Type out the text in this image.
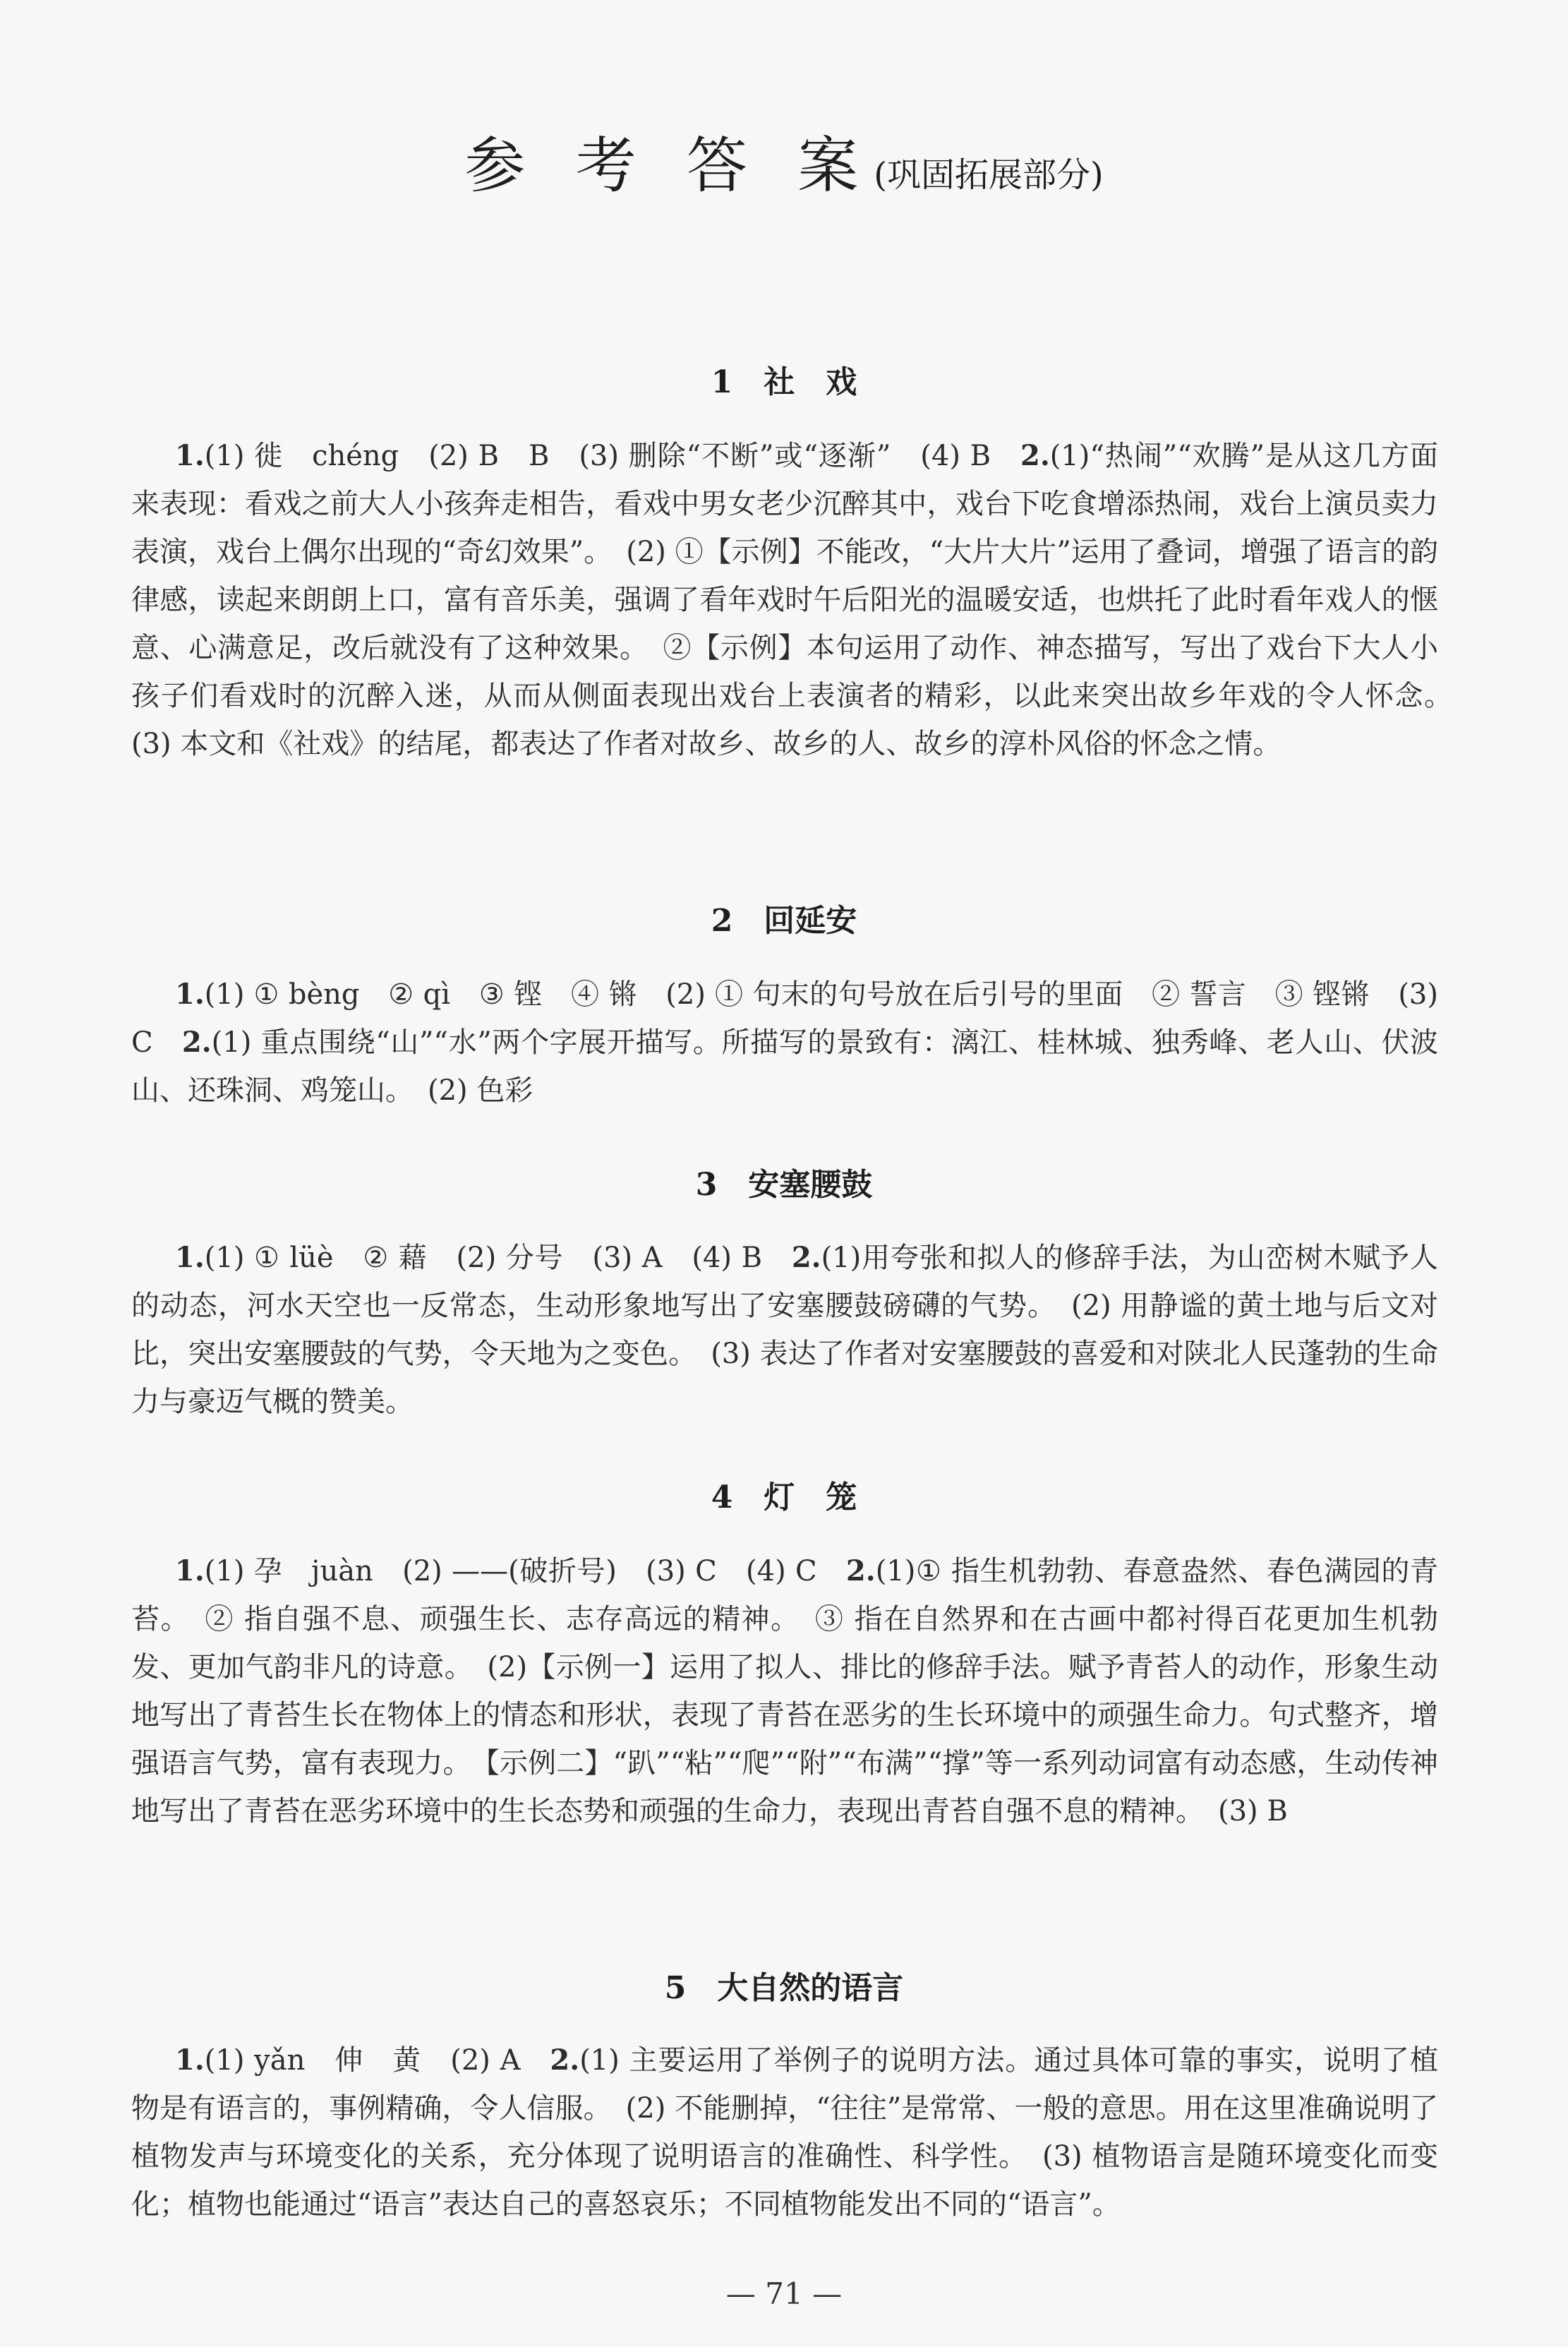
参 考 答 案(巩固拓展部分)
1　社　戏
1.(1) 徙　chéng　(2) B　B　(3) 删除“不断”或“逐渐”　(4) B　2.(1)“热闹”“欢腾”是从这几方面来表现：看戏之前大人小孩奔走相告，看戏中男女老少沉醉其中，戏台下吃食增添热闹，戏台上演员卖力表演，戏台上偶尔出现的“奇幻效果”。　(2) ①【示例】不能改，“大片大片”运用了叠词，增强了语言的韵律感，读起来朗朗上口，富有音乐美，强调了看年戏时午后阳光的温暖安适，也烘托了此时看年戏人的惬意、心满意足，改后就没有了这种效果。　②【示例】本句运用了动作、神态描写，写出了戏台下大人小孩子们看戏时的沉醉入迷，从而从侧面表现出戏台上表演者的精彩，以此来突出故乡年戏的令人怀念。　(3) 本文和《社戏》的结尾，都表达了作者对故乡、故乡的人、故乡的淳朴风俗的怀念之情。
2　回延安
1.(1) ① bèng　② qì　③ 铿　④ 锵　(2) ① 句末的句号放在后引号的里面　② 誓言　③ 铿锵　(3) C　2.(1) 重点围绕“山”“水”两个字展开描写。所描写的景致有：漓江、桂林城、独秀峰、老人山、伏波山、还珠洞、鸡笼山。　(2) 色彩
3　安塞腰鼓
1.(1) ① lüè　② 藉　(2) 分号　(3) A　(4) B　2.(1)用夸张和拟人的修辞手法，为山峦树木赋予人的动态，河水天空也一反常态，生动形象地写出了安塞腰鼓磅礴的气势。　(2) 用静谧的黄土地与后文对比，突出安塞腰鼓的气势，令天地为之变色。　(3) 表达了作者对安塞腰鼓的喜爱和对陕北人民蓬勃的生命力与豪迈气概的赞美。
4　灯　笼
1.(1) 孕　juàn　(2) ——(破折号)　(3) C　(4) C　2.(1)① 指生机勃勃、春意盎然、春色满园的青苔。　② 指自强不息、顽强生长、志存高远的精神。　③ 指在自然界和在古画中都衬得百花更加生机勃发、更加气韵非凡的诗意。　(2)【示例一】运用了拟人、排比的修辞手法。赋予青苔人的动作，形象生动地写出了青苔生长在物体上的情态和形状，表现了青苔在恶劣的生长环境中的顽强生命力。句式整齐，增强语言气势，富有表现力。　【示例二】“趴”“粘”“爬”“附”“布满”“撑”等一系列动词富有动态感，生动传神地写出了青苔在恶劣环境中的生长态势和顽强的生命力，表现出青苔自强不息的精神。　(3) B
5　大自然的语言
1.(1) yǎn　伸　黄　(2) A　2.(1) 主要运用了举例子的说明方法。通过具体可靠的事实，说明了植物是有语言的，事例精确，令人信服。　(2) 不能删掉，“往往”是常常、一般的意思。用在这里准确说明了植物发声与环境变化的关系，充分体现了说明语言的准确性、科学性。　(3) 植物语言是随环境变化而变化；植物也能通过“语言”表达自己的喜怒哀乐；不同植物能发出不同的“语言”。
— 71 —
